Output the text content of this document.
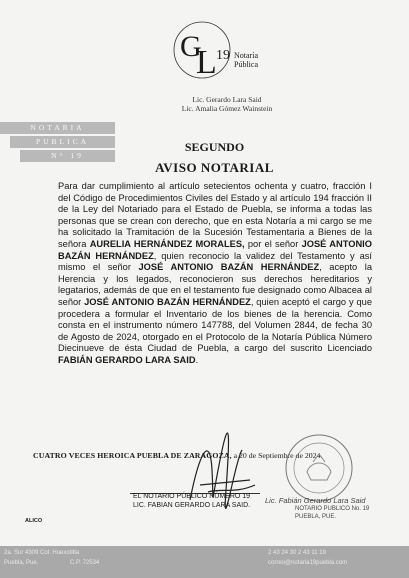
G
L 19 Notaría
Pública
Lic. Gerardo Lara Said
Lic. Amalia Gómez Wainstein
NOTARIA
PUBLICA
N° 19
SEGUNDO
AVISO NOTARIAL
Para dar cumplimiento al artículo setecientos ochenta y cuatro, fracción I del Código de Procedimientos Civiles del Estado y al artículo 194 fracción II de la Ley del Notariado para el Estado de Puebla, se informa a todas las personas que se crean con derecho, que en esta Notaría a mi cargo se me ha solicitado la Tramitación de la Sucesión Testamentaria a Bienes de la señora AURELIA HERNÁNDEZ MORALES, por el señor JOSÉ ANTONIO BAZÁN HERNÁNDEZ, quien reconocio la validez del Testamento y así mismo el señor JOSÉ ANTONIO BAZÁN HERNÁNDEZ, acepto la Herencia y los legados, reconocieron sus derechos hereditarios y legatarios, además de que en el testamento fue designado como Albacea al señor JOSÉ ANTONIO BAZÁN HERNÁNDEZ, quien aceptó el cargo y que procedera a formular el Inventario de los bienes de la herencia. Como consta en el instrumento número 147788, del Volumen 2844, de fecha 30 de Agosto de 2024, otorgado en el Protocolo de la Notaría Pública Número Diecinueve de ésta Ciudad de Puebla, a cargo del suscrito Licenciado FABIÁN GERARDO LARA SAID.
CUATRO VECES HEROICA PUEBLA DE ZARAGOZA, a 20 de Septiembre de 2024.
EL NOTARIO PÚBLICO NÚMERO 19
LIC. FABIAN GERARDO LARA SAID.
Lic. Fabián Gerardo Lara Said
NOTARIO PUBLICO No. 19
PUEBLA, PUE.
ALICO
2a. Sur 4309 Col. Huexotitla
Puebla, Pue.	C.P. 72534
2 43 24 30 2 43 11 19
correo@notaria19puebla.com
